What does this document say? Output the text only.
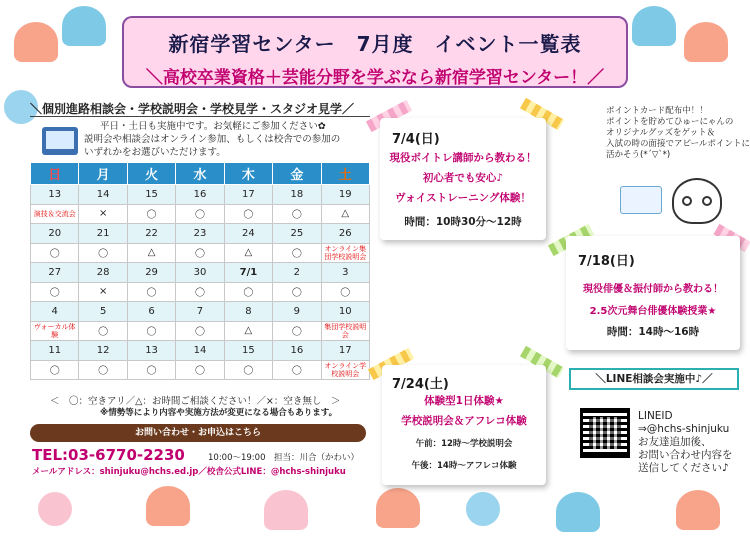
新宿学習センター　7月度　イベント一覧表
＼高校卒業資格＋芸能分野を学ぶなら新宿学習センター！／
＼個別進路相談会・学校説明会・学校見学・スタジオ見学／
平日・土日も実施中です。お気軽にご参加ください✿
説明会や相談会はオンライン参加、もしくは校舎での参加の
いずれかをお選びいただけます。
日	月	火	水	木	金	土
13	14	15	16	17	18	19
演技＆交流会	×	〇	〇	〇	〇	△
20	21	22	23	24	25	26
〇	〇	△	〇	△	〇	オンライン集団学校説明会
27	28	29	30	7/1	2	3
〇	×	〇	〇	〇	〇	〇
4	5	6	7	8	9	10
ヴォーカル体験	〇	〇	〇	△	〇	集団学校説明会
11	12	13	14	15	16	17
〇	〇	〇	〇	〇	〇	オンライン学校説明会
＜　〇：空きアリ／△：お時間ご相談ください！／×：空き無し　＞
※情勢等により内容や実施方法が変更になる場合もあります。
お問い合わせ・お申込はこちら
TEL:03-6770-2230	10:00～19:00　担当：川合（かわい）
メールアドレス：shinjuku@hchs.ed.jp／校舎公式LINE：@hchs-shinjuku
7/4(日)
現役ボイトレ講師から教わる！
初心者でも安心♪
ヴォイストレーニング体験！
時間：10時30分～12時
7/18(日)
現役俳優＆振付師から教わる！
2.5次元舞台俳優体験授業★
時間：14時～16時
7/24(土)
体験型1日体験★
学校説明会＆アフレコ体験
午前：12時～学校説明会
午後：14時～アフレコ体験
ポイントカード配布中！！
ポイントを貯めてひゅーにゃんの
オリジナルグッズをゲット＆
入試の時の面接でアピールポイントに
活かそう(*´▽`*)
＼LINE相談会実施中♪／
LINEID
⇒@hchs-shinjuku
お友達追加後、
お問い合わせ内容を
送信してください♪
